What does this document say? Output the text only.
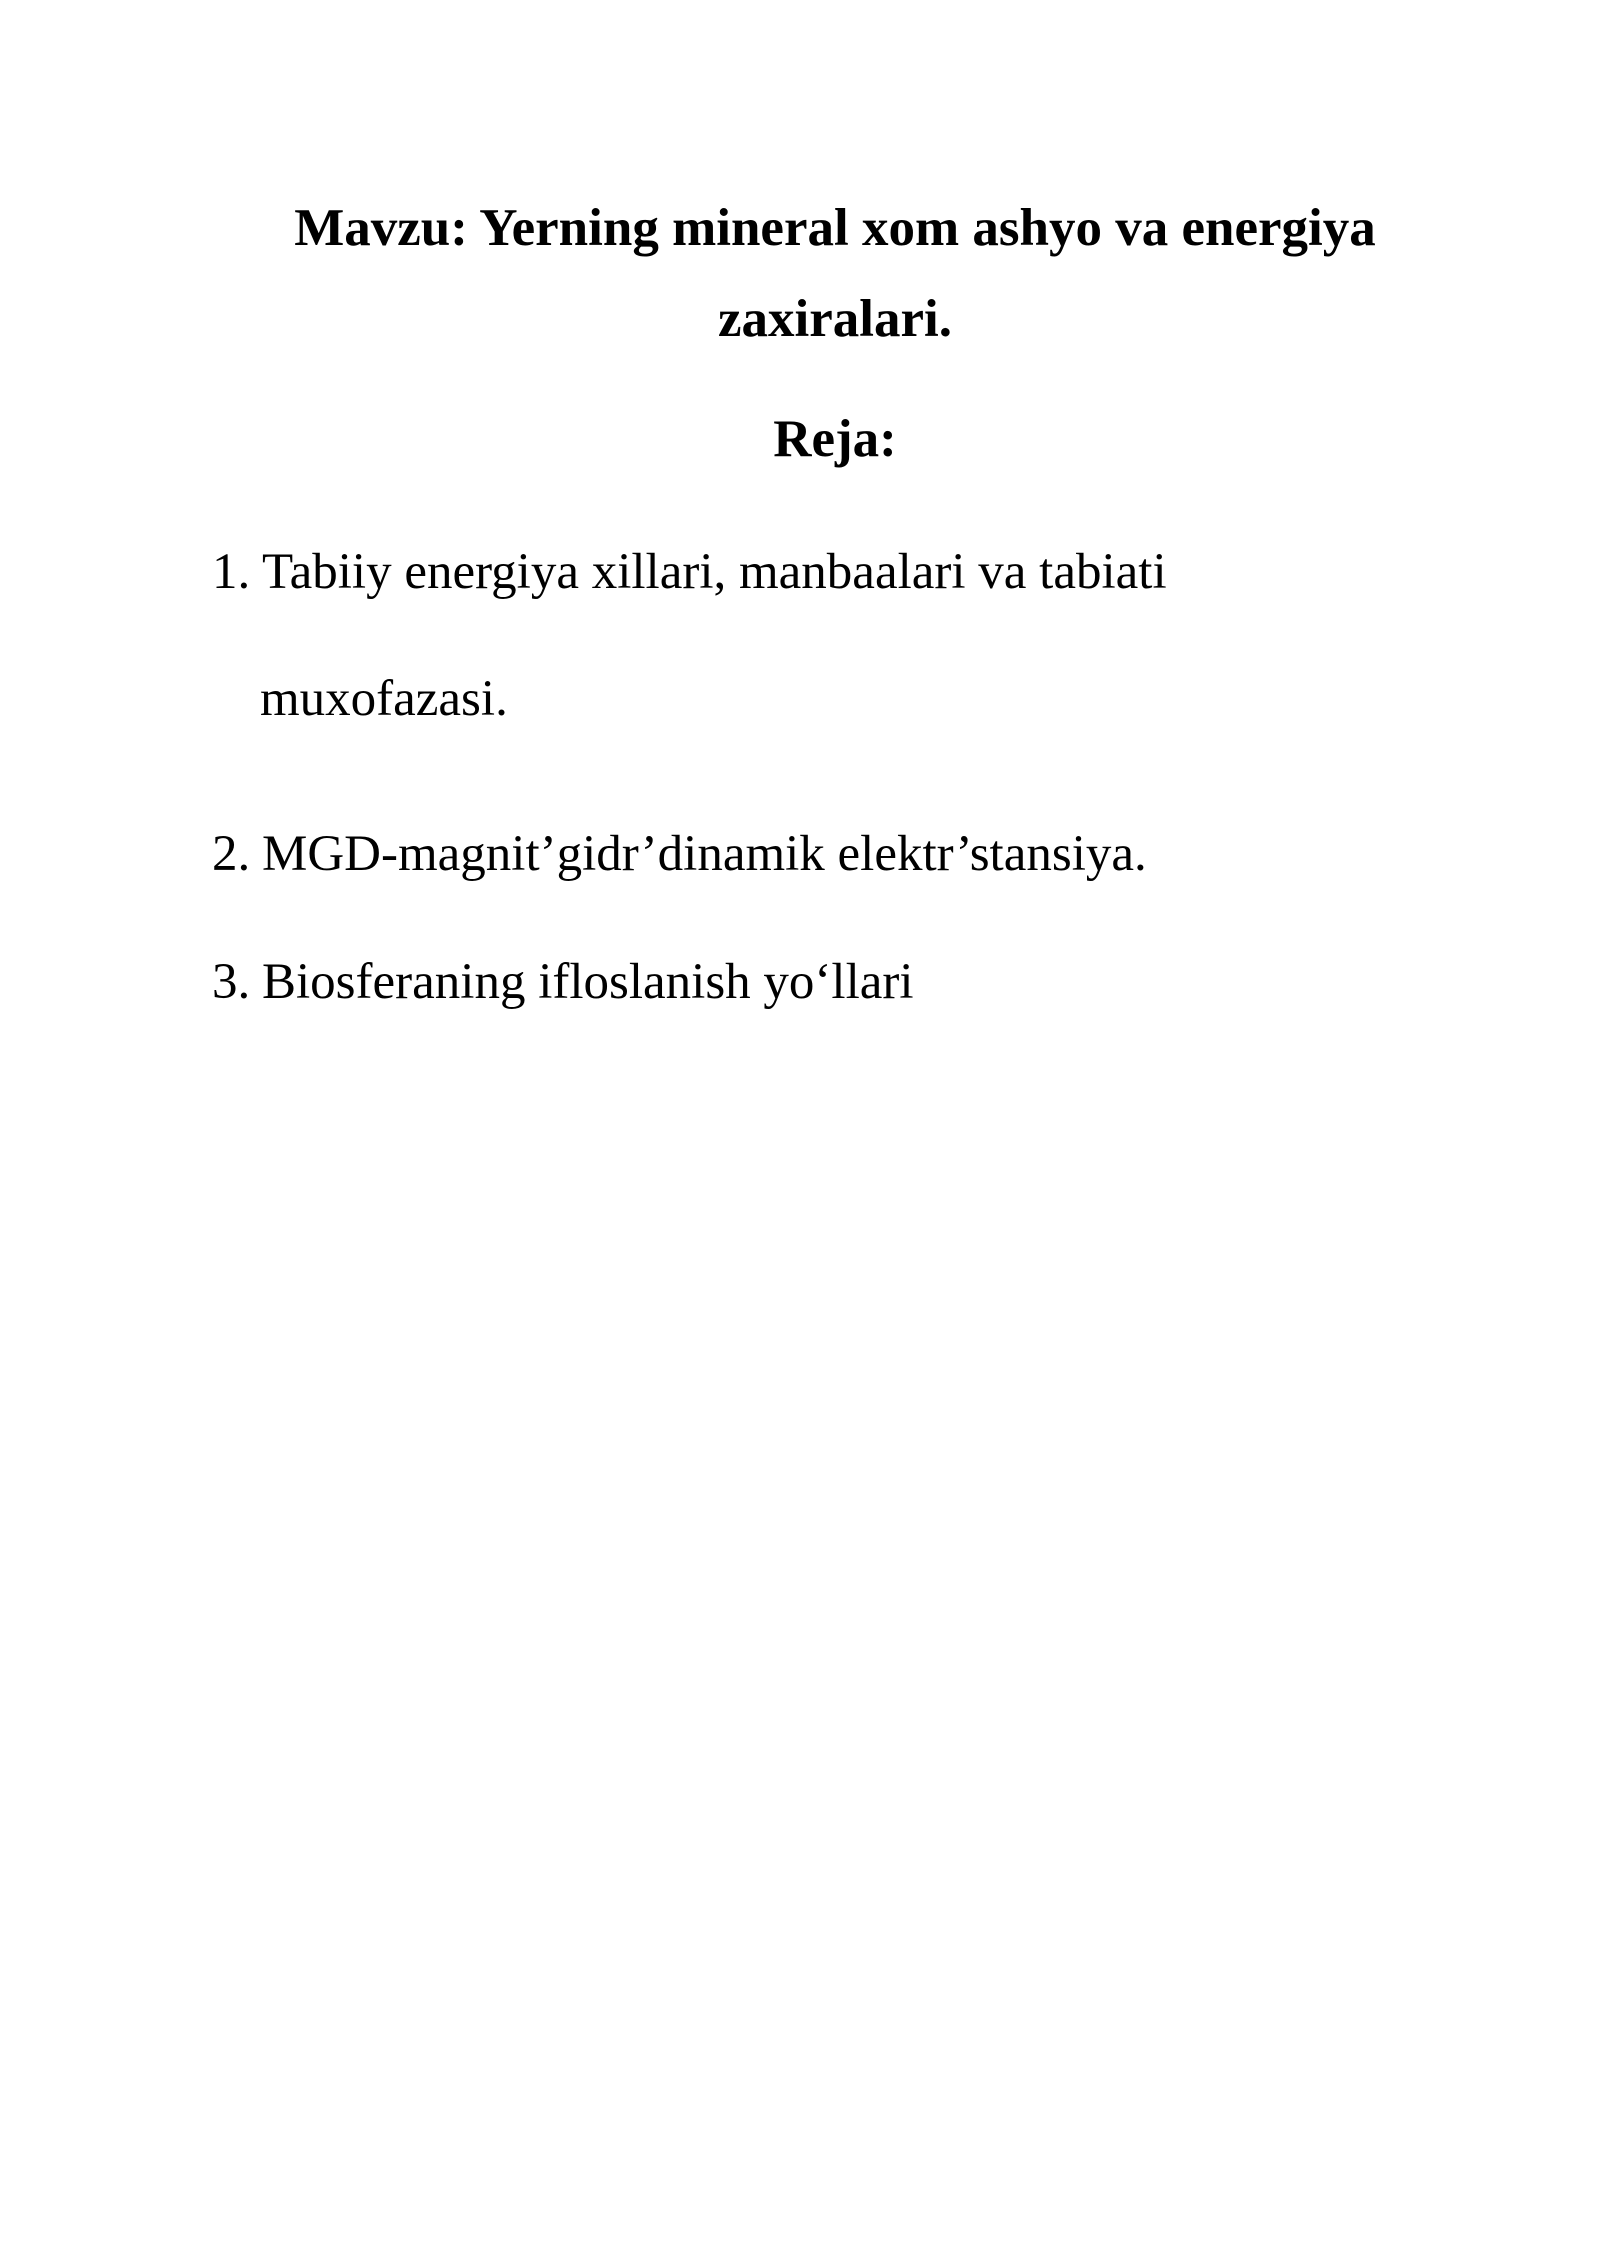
Mavzu: Yerning mineral xom ashyo va energiya zaxiralari.
Reja:
1. Tabiiy energiya xillari, manbaalari va tabiati
muxofazasi.
2. MGD-magnit’gidr’dinamik elektr’stansiya.
3. Biosferaning ifloslanish yo‘llari
